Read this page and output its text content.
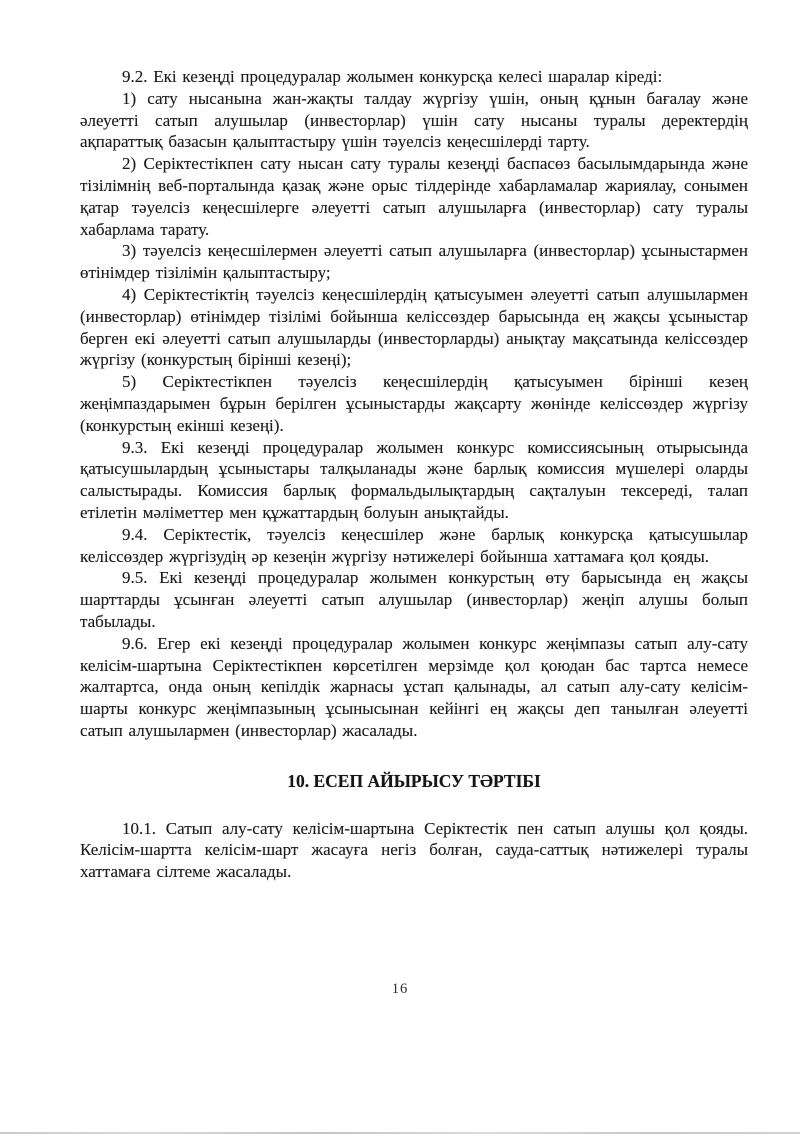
9.2. Екі кезеңді процедуралар жолымен конкурсқа келесі шаралар кіреді:

1) сату нысанына жан-жақты талдау жүргізу үшін, оның құнын бағалау және әлеуетті сатып алушылар (инвесторлар) үшін сату нысаны туралы деректердің ақпараттық базасын қалыптастыру үшін тәуелсіз кеңесшілерді тарту.

2) Серіктестікпен сату нысан сату туралы кезеңді баспасөз басылымдарында және тізілімнің веб-порталында қазақ және орыс тілдерінде хабарламалар жариялау, сонымен қатар тәуелсіз кеңесшілерге әлеуетті сатып алушыларға (инвесторлар) сату туралы хабарлама тарату.

3) тәуелсіз кеңесшілермен әлеуетті сатып алушыларға (инвесторлар) ұсыныстармен өтінімдер тізілімін қалыптастыру;

4) Серіктестіктің тәуелсіз кеңесшілердің қатысуымен әлеуетті сатып алушылармен (инвесторлар) өтінімдер тізілімі бойынша келіссөздер барысында ең жақсы ұсыныстар берген екі әлеуетті сатып алушыларды (инвесторларды) анықтау мақсатында келіссөздер жүргізу (конкурстың бірінші кезеңі);

5) Серіктестікпен тәуелсіз кеңесшілердің қатысуымен бірінші кезең жеңімпаздарымен бұрын берілген ұсыныстарды жақсарту жөнінде келіссөздер жүргізу (конкурстың екінші кезеңі).

9.3. Екі кезеңді процедуралар жолымен конкурс комиссиясының отырысында қатысушылардың ұсыныстары талқыланады және барлық комиссия мүшелері оларды салыстырады. Комиссия барлық формальдылықтардың сақталуын тексереді, талап етілетін мәліметтер мен құжаттардың болуын анықтайды.

9.4. Серіктестік, тәуелсіз кеңесшілер және барлық конкурсқа қатысушылар келіссөздер жүргізудің әр кезеңін жүргізу нәтижелері бойынша хаттамаға қол қояды.

9.5. Екі кезеңді процедуралар жолымен конкурстың өту барысында ең жақсы шарттарды ұсынған әлеуетті сатып алушылар (инвесторлар) жеңіп алушы болып табылады.

9.6. Егер екі кезеңді процедуралар жолымен конкурс жеңімпазы сатып алу-сату келісім-шартына Серіктестікпен көрсетілген мерзімде қол қоюдан бас тартса немесе жалтартса, онда оның кепілдік жарнасы ұстап қалынады, ал сатып алу-сату келісім-шарты конкурс жеңімпазының ұсынысынан кейінгі ең жақсы деп танылған әлеуетті сатып алушылармен (инвесторлар) жасалады.

10. ЕСЕП АЙЫРЫСУ ТӘРТІБІ

10.1. Сатып алу-сату келісім-шартына Серіктестік пен сатып алушы қол қояды. Келісім-шартта келісім-шарт жасауға негіз болған, сауда-саттық нәтижелері туралы хаттамаға сілтеме жасалады.

16
